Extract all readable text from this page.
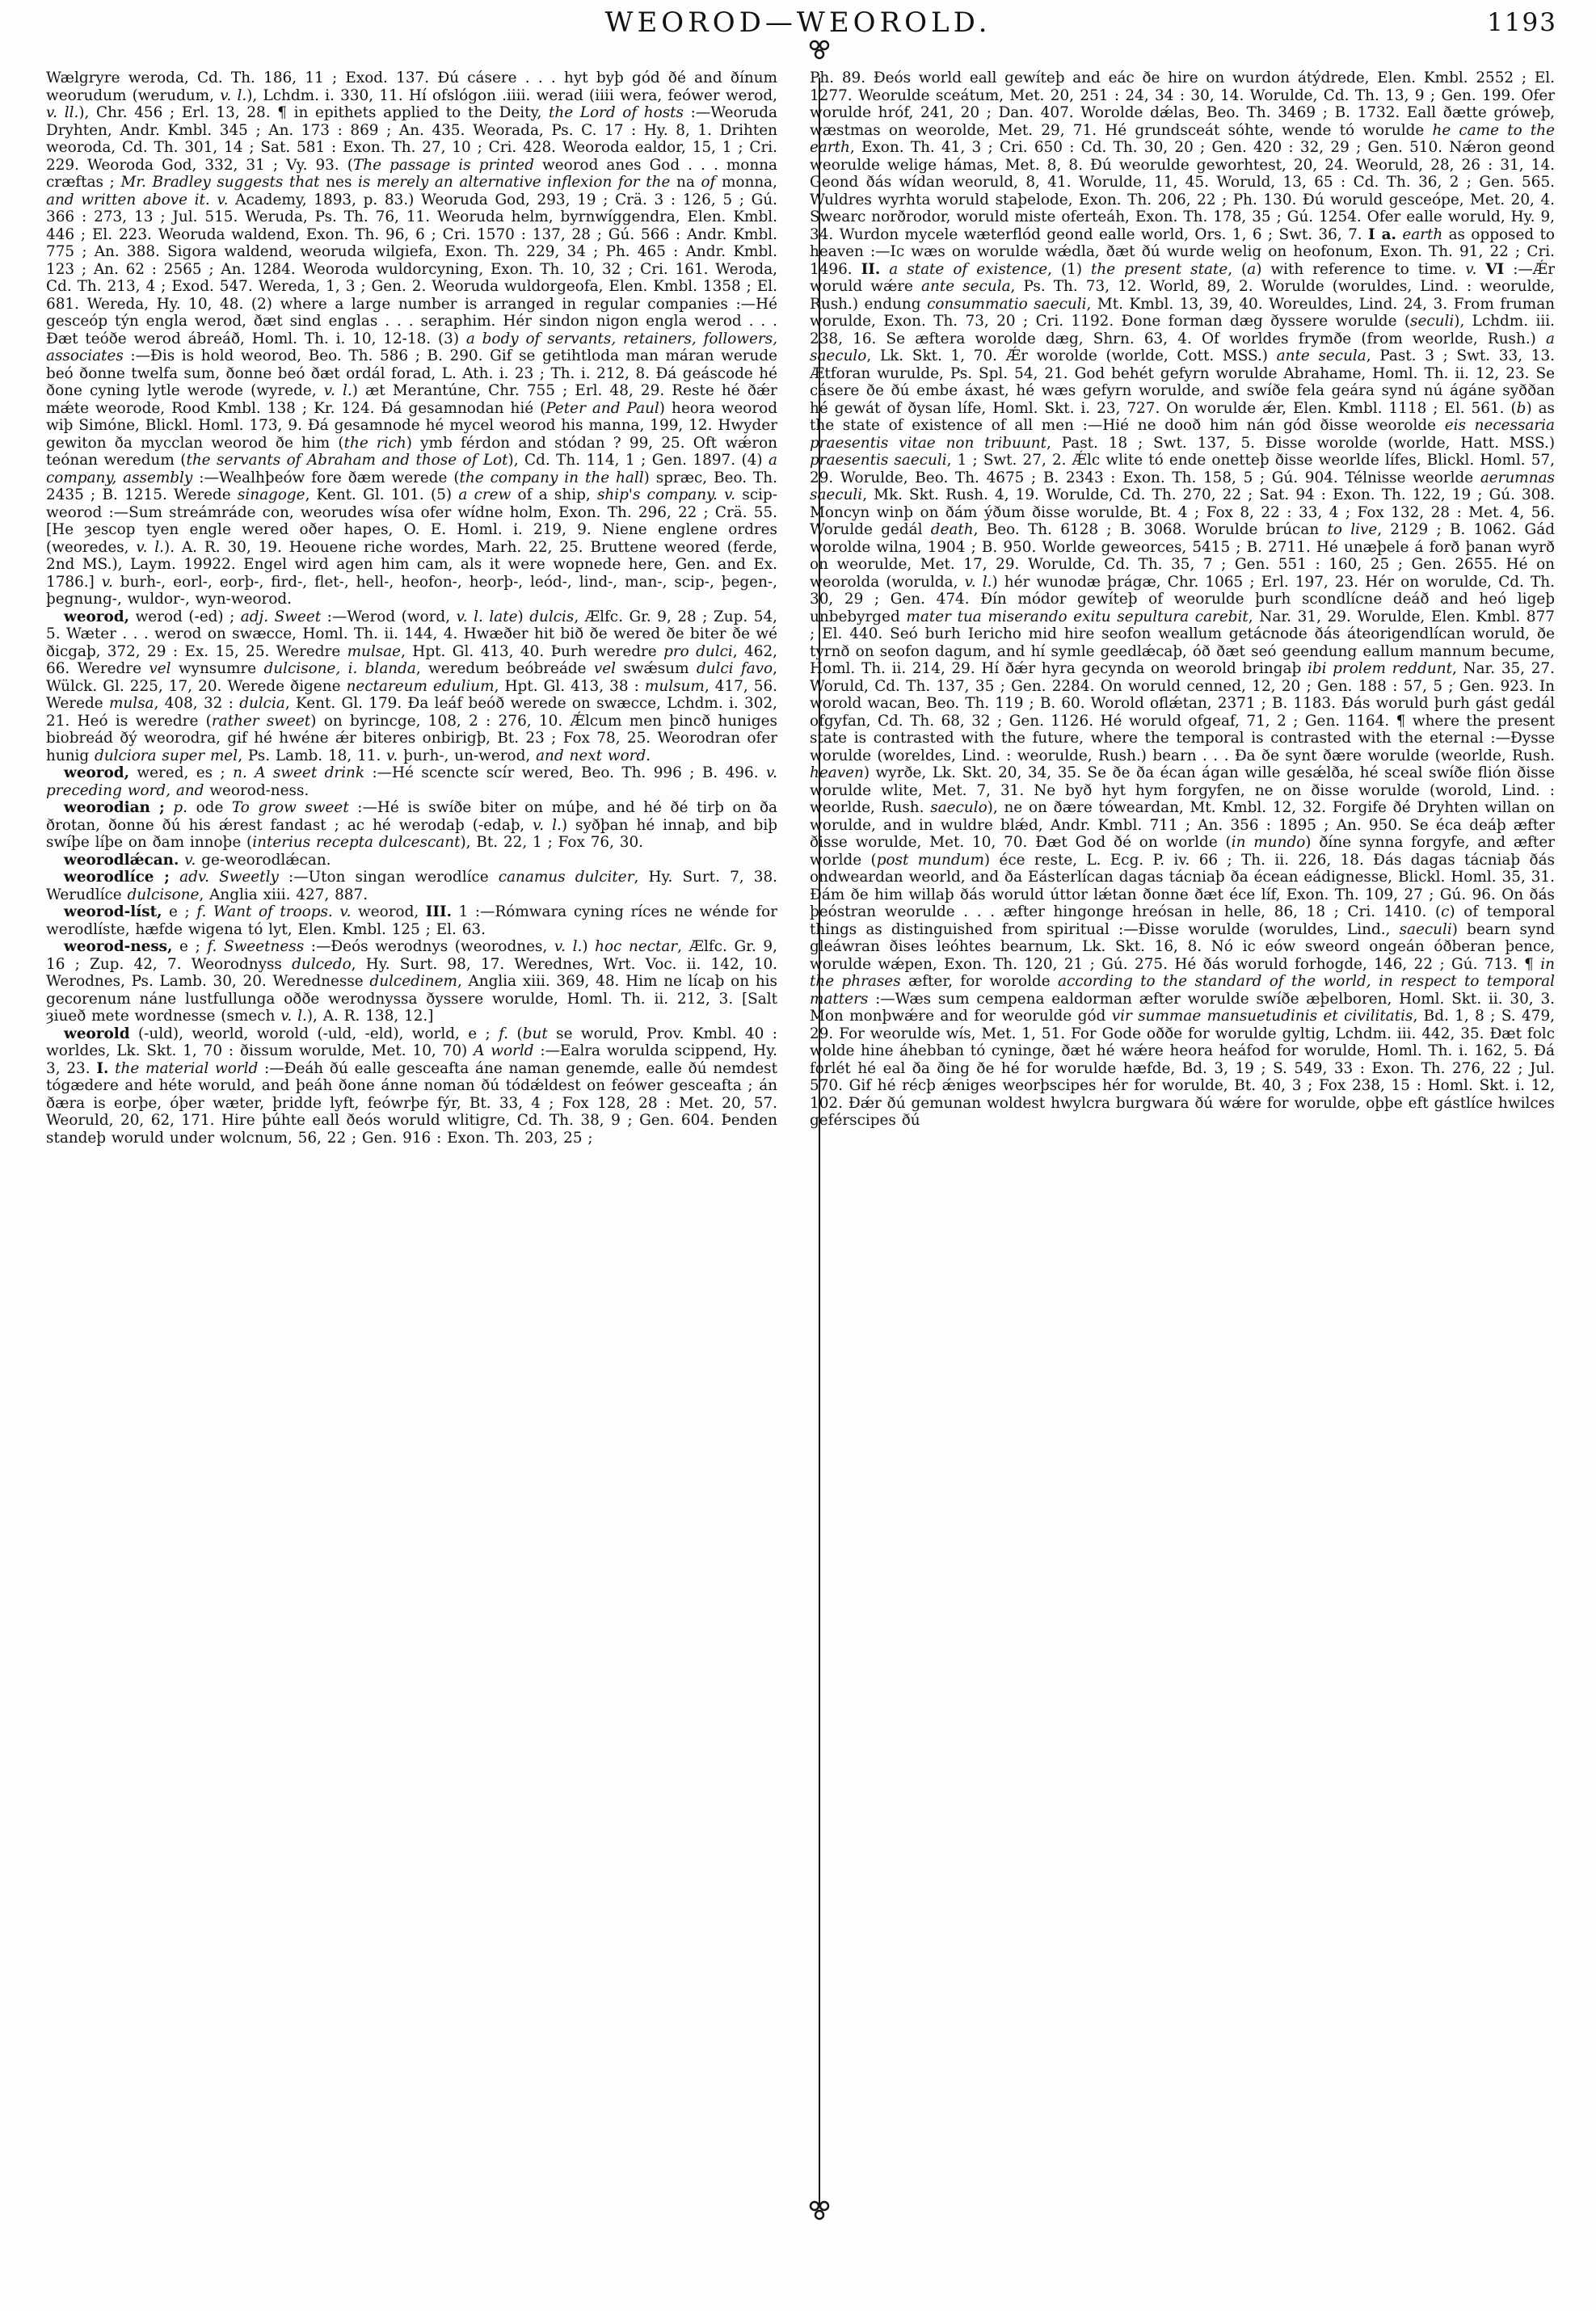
WEOROD—WEOROLD.	1193

Wælgryre weroda, Cd. Th. 186, 11 ; Exod. 137. Ðú cásere . . . hyt byþ gód ðé and ðínum weorudum (werudum, v. l.), Lchdm. i. 330, 11. Hí ofslógon .iiii. werad (iiii wera, feówer werod, v. ll.), Chr. 456 ; Erl. 13, 28. ¶ in epithets applied to the Deity, the Lord of hosts :—Weoruda Dryhten, Andr. Kmbl. 345 ; An. 173 : 869 ; An. 435. Weorada, Ps. C. 17 : Hy. 8, 1. Drihten weoroda, Cd. Th. 301, 14 ; Sat. 581 : Exon. Th. 27, 10 ; Cri. 428. Weoroda ealdor, 15, 1 ; Cri. 229. Weoroda God, 332, 31 ; Vy. 93. (The passage is printed weorod anes God . . . monna cræftas ; Mr. Bradley suggests that nes is merely an alternative inflexion for the na of monna, and written above it. v. Academy, 1893, p. 83.) Weoruda God, 293, 19 ; Crä. 3 : 126, 5 ; Gú. 366 : 273, 13 ; Jul. 515. Weruda, Ps. Th. 76, 11. Weoruda helm, byrnwíggendra, Elen. Kmbl. 446 ; El. 223. Weoruda waldend, Exon. Th. 96, 6 ; Cri. 1570 : 137, 28 ; Gú. 566 : Andr. Kmbl. 775 ; An. 388. Sigora waldend, weoruda wilgiefa, Exon. Th. 229, 34 ; Ph. 465 : Andr. Kmbl. 123 ; An. 62 : 2565 ; An. 1284. Weoroda wuldorcyning, Exon. Th. 10, 32 ; Cri. 161. Weroda, Cd. Th. 213, 4 ; Exod. 547. Wereda, 1, 3 ; Gen. 2. Weoruda wuldorgeofa, Elen. Kmbl. 1358 ; El. 681. Wereda, Hy. 10, 48. (2) where a large number is arranged in regular companies :—Hé gesceóp týn engla werod, ðæt sind englas . . . seraphim. Hér sindon nigon engla werod . . . Ðæt teóðe werod ábreáð, Homl. Th. i. 10, 12-18. (3) a body of servants, retainers, followers, associates :—Ðis is hold weorod, Beo. Th. 586 ; B. 290. Gif se getihtloda man máran werude beó ðonne twelfa sum, ðonne beó ðæt ordál forad, L. Ath. i. 23 ; Th. i. 212, 8. Ðá geáscode hé ðone cyning lytle werode (wyrede, v. l.) æt Merantúne, Chr. 755 ; Erl. 48, 29. Reste hé ðǽr mǽte weorode, Rood Kmbl. 138 ; Kr. 124. Ðá gesamnodan hié (Peter and Paul) heora weorod wiþ Simóne, Blickl. Homl. 173, 9. Ðá gesamnode hé mycel weorod his manna, 199, 12. Hwyder gewiton ða mycclan weorod ðe him (the rich) ymb férdon and stódan ? 99, 25. Oft wǽron teónan weredum (the servants of Abraham and those of Lot), Cd. Th. 114, 1 ; Gen. 1897. (4) a company, assembly :—Wealhþeów fore ðæm werede (the company in the hall) spræc, Beo. Th. 2435 ; B. 1215. Werede sinagoge, Kent. Gl. 101. (5) a crew of a ship, ship's company. v. scip-weorod :—Sum streámráde con, weorudes wísa ofer wídne holm, Exon. Th. 296, 22 ; Crä. 55. [He ȝescop tyen engle wered oðer hapes, O. E. Homl. i. 219, 9. Niene englene ordres (weoredes, v. l.). A. R. 30, 19. Heouene riche wordes, Marh. 22, 25. Bruttene weored (ferde, 2nd MS.), Laym. 19922. Engel wird agen him cam, als it were wopnede here, Gen. and Ex. 1786.] v. burh-, eorl-, eorþ-, fird-, flet-, hell-, heofon-, heorþ-, leód-, lind-, man-, scip-, þegen-, þegnung-, wuldor-, wyn-weorod.

weorod, werod (-ed) ; adj. Sweet :—Werod (word, v. l. late) dulcis, Ælfc. Gr. 9, 28 ; Zup. 54, 5. Wæter . . . werod on swæcce, Homl. Th. ii. 144, 4. Hwæðer hit bið ðe wered ðe biter ðe wé ðicgaþ, 372, 29 : Ex. 15, 25. Weredre mulsae, Hpt. Gl. 413, 40. Þurh weredre pro dulci, 462, 66. Weredre vel wynsumre dulcisone, i. blanda, weredum beóbreáde vel swǽsum dulci favo, Wülck. Gl. 225, 17, 20. Werede ðigene nectareum edulium, Hpt. Gl. 413, 38 : mulsum, 417, 56. Werede mulsa, 408, 32 : dulcia, Kent. Gl. 179. Ða leáf beóð werede on swæcce, Lchdm. i. 302, 21. Heó is weredre (rather sweet) on byrincge, 108, 2 : 276, 10. Ǽlcum men þincð huniges biobreád ðý weorodra, gif hé hwéne ǽr biteres onbirigþ, Bt. 23 ; Fox 78, 25. Weorodran ofer hunig dulciora super mel, Ps. Lamb. 18, 11. v. þurh-, un-werod, and next word.

weorod, wered, es ; n. A sweet drink :—Hé scencte scír wered, Beo. Th. 996 ; B. 496. v. preceding word, and weorod-ness.

weorodian ; p. ode To grow sweet :—Hé is swíðe biter on múþe, and hé ðé tirþ on ða ðrotan, ðonne ðú his ǽrest fandast ; ac hé werodaþ (-edaþ, v. l.) syðþan hé innaþ, and biþ swíþe líþe on ðam innoþe (interius recepta dulcescant), Bt. 22, 1 ; Fox 76, 30.

weorodlǽcan. v. ge-weorodlǽcan.

weorodlíce ; adv. Sweetly :—Uton singan werodlíce canamus dulciter, Hy. Surt. 7, 38. Werudlíce dulcisone, Anglia xiii. 427, 887.

weorod-líst, e ; f. Want of troops. v. weorod, III. 1 :—Rómwara cyning ríces ne wénde for werodlíste, hæfde wigena tó lyt, Elen. Kmbl. 125 ; El. 63.

weorod-ness, e ; f. Sweetness :—Ðeós werodnys (weorodnes, v. l.) hoc nectar, Ælfc. Gr. 9, 16 ; Zup. 42, 7. Weorodnyss dulcedo, Hy. Surt. 98, 17. Werednes, Wrt. Voc. ii. 142, 10. Werodnes, Ps. Lamb. 30, 20. Werednesse dulcedinem, Anglia xiii. 369, 48. Him ne lícaþ on his gecorenum náne lustfullunga oððe werodnyssa ðyssere worulde, Homl. Th. ii. 212, 3. [Salt ȝiueð mete wordnesse (smech v. l.), A. R. 138, 12.]

weorold (-uld), weorld, worold (-uld, -eld), world, e ; f. (but se woruld, Prov. Kmbl. 40 : worldes, Lk. Skt. 1, 70 : ðissum worulde, Met. 10, 70) A world :—Ealra worulda scippend, Hy. 3, 23. I. the material world :—Ðeáh ðú ealle gesceafta áne naman genemde, ealle ðú nemdest tógædere and héte woruld, and þeáh ðone ánne noman ðú tódǽldest on feówer gesceafta ; án ðæra is eorþe, óþer wæter, þridde lyft, feówrþe fýr, Bt. 33, 4 ; Fox 128, 28 : Met. 20, 57. Weoruld, 20, 62, 171. Hire þúhte eall ðeós woruld wlitigre, Cd. Th. 38, 9 ; Gen. 604. Þenden standeþ woruld under wolcnum, 56, 22 ; Gen. 916 : Exon. Th. 203, 25 ;

Ph. 89. Ðeós world eall gewíteþ and eác ðe hire on wurdon átýdrede, Elen. Kmbl. 2552 ; El. 1277. Weorulde sceátum, Met. 20, 251 : 24, 34 : 30, 14. Worulde, Cd. Th. 13, 9 ; Gen. 199. Ofer worulde hróf, 241, 20 ; Dan. 407. Worolde dǽlas, Beo. Th. 3469 ; B. 1732. Eall ðætte gróweþ, wæstmas on weorolde, Met. 29, 71. Hé grundsceát sóhte, wende tó worulde he came to the earth, Exon. Th. 41, 3 ; Cri. 650 : Cd. Th. 30, 20 ; Gen. 420 : 32, 29 ; Gen. 510. Nǽron geond weorulde welige hámas, Met. 8, 8. Ðú weorulde geworhtest, 20, 24. Weoruld, 28, 26 : 31, 14. Geond ðás wídan weoruld, 8, 41. Worulde, 11, 45. Woruld, 13, 65 : Cd. Th. 36, 2 ; Gen. 565. Wuldres wyrhta woruld staþelode, Exon. Th. 206, 22 ; Ph. 130. Ðú woruld gesceópe, Met. 20, 4. Swearc norðrodor, woruld miste oferteáh, Exon. Th. 178, 35 ; Gú. 1254. Ofer ealle woruld, Hy. 9, 34. Wurdon mycele wæterflód geond ealle world, Ors. 1, 6 ; Swt. 36, 7. I a. earth as opposed to heaven :—Ic wæs on worulde wǽdla, ðæt ðú wurde welig on heofonum, Exon. Th. 91, 22 ; Cri. 1496. II. a state of existence, (1) the present state, (a) with reference to time. v. VI :—Ǽr woruld wǽre ante secula, Ps. Th. 73, 12. World, 89, 2. Worulde (woruldes, Lind. : weorulde, Rush.) endung consummatio saeculi, Mt. Kmbl. 13, 39, 40. Woreuldes, Lind. 24, 3. From fruman worulde, Exon. Th. 73, 20 ; Cri. 1192. Ðone forman dæg ðyssere worulde (seculi), Lchdm. iii. 238, 16. Se æftera worolde dæg, Shrn. 63, 4. Of worldes frymðe (from weorlde, Rush.) a saeculo, Lk. Skt. 1, 70. Ǽr worolde (worlde, Cott. MSS.) ante secula, Past. 3 ; Swt. 33, 13. Ætforan wurulde, Ps. Spl. 54, 21. God behét gefyrn worulde Abrahame, Homl. Th. ii. 12, 23. Se cásere ðe ðú embe áxast, hé wæs gefyrn worulde, and swíðe fela geára synd nú ágáne syððan hé gewát of ðysan lífe, Homl. Skt. i. 23, 727. On worulde ǽr, Elen. Kmbl. 1118 ; El. 561. (b) as the state of existence of all men :—Hié ne dooð him nán gód ðisse weorolde eis necessaria praesentis vitae non tribuunt, Past. 18 ; Swt. 137, 5. Ðisse worolde (worlde, Hatt. MSS.) praesentis saeculi, 1 ; Swt. 27, 2. Ǽlc wlite tó ende onetteþ ðisse weorlde lífes, Blickl. Homl. 57, 29. Worulde, Beo. Th. 4675 ; B. 2343 : Exon. Th. 158, 5 ; Gú. 904. Télnisse weorlde aerumnas saeculi, Mk. Skt. Rush. 4, 19. Worulde, Cd. Th. 270, 22 ; Sat. 94 : Exon. Th. 122, 19 ; Gú. 308. Moncyn winþ on ðám ýðum ðisse worulde, Bt. 4 ; Fox 8, 22 : 33, 4 ; Fox 132, 28 : Met. 4, 56. Worulde gedál death, Beo. Th. 6128 ; B. 3068. Worulde brúcan to live, 2129 ; B. 1062. Gád worolde wilna, 1904 ; B. 950. Worlde geweorces, 5415 ; B. 2711. Hé unæþele á forð þanan wyrð on weorulde, Met. 17, 29. Worulde, Cd. Th. 35, 7 ; Gen. 551 : 160, 25 ; Gen. 2655. Hé on weorolda (worulda, v. l.) hér wunodæ þrágæ, Chr. 1065 ; Erl. 197, 23. Hér on worulde, Cd. Th. 30, 29 ; Gen. 474. Ðín módor gewíteþ of weorulde þurh scondlícne deáð and heó ligeþ unbebyrged mater tua miserando exitu sepultura carebit, Nar. 31, 29. Worulde, Elen. Kmbl. 877 ; El. 440. Seó burh Iericho mid hire seofon weallum getácnode ðás áteorigendlícan woruld, ðe tyrnð on seofon dagum, and hí symle geedlǽcaþ, óð ðæt seó geendung eallum mannum becume, Homl. Th. ii. 214, 29. Hí ðǽr hyra gecynda on weorold bringaþ ibi prolem reddunt, Nar. 35, 27. Woruld, Cd. Th. 137, 35 ; Gen. 2284. On woruld cenned, 12, 20 ; Gen. 188 : 57, 5 ; Gen. 923. In worold wacan, Beo. Th. 119 ; B. 60. Worold oflǽtan, 2371 ; B. 1183. Ðás woruld þurh gást gedál ofgyfan, Cd. Th. 68, 32 ; Gen. 1126. Hé woruld ofgeaf, 71, 2 ; Gen. 1164. ¶ where the present state is contrasted with the future, where the temporal is contrasted with the eternal :—Ðysse worulde (woreldes, Lind. : weorulde, Rush.) bearn . . . Ða ðe synt ðære worulde (weorlde, Rush. heaven) wyrðe, Lk. Skt. 20, 34, 35. Se ðe ða écan ágan wille gesǽlða, hé sceal swíðe flión ðisse worulde wlite, Met. 7, 31. Ne byð hyt hym forgyfen, ne on ðisse worulde (worold, Lind. : weorlde, Rush. saeculo), ne on ðære tóweardan, Mt. Kmbl. 12, 32. Forgife ðé Dryhten willan on worulde, and in wuldre blǽd, Andr. Kmbl. 711 ; An. 356 : 1895 ; An. 950. Se éca deáþ æfter ðisse worulde, Met. 10, 70. Ðæt God ðé on worlde (in mundo) ðíne synna forgyfe, and æfter worlde (post mundum) éce reste, L. Ecg. P. iv. 66 ; Th. ii. 226, 18. Ðás dagas tácniaþ ðás ondweardan weorld, and ða Eásterlícan dagas tácniaþ ða écean eádignesse, Blickl. Homl. 35, 31. Ðám ðe him willaþ ðás woruld úttor lǽtan ðonne ðæt éce líf, Exon. Th. 109, 27 ; Gú. 96. On ðás þeóstran weorulde . . . æfter hingonge hreósan in helle, 86, 18 ; Cri. 1410. (c) of temporal things as distinguished from spiritual :—Ðisse worulde (woruldes, Lind., saeculi) bearn synd gleáwran ðises leóhtes bearnum, Lk. Skt. 16, 8. Nó ic eów sweord ongeán óðberan þence, worulde wǽpen, Exon. Th. 120, 21 ; Gú. 275. Hé ðás woruld forhogde, 146, 22 ; Gú. 713. ¶ in the phrases æfter, for worolde according to the standard of the world, in respect to temporal matters :—Wæs sum cempena ealdorman æfter worulde swíðe æþelboren, Homl. Skt. ii. 30, 3. Mon monþwǽre and for weorulde gód vir summae mansuetudinis et civilitatis, Bd. 1, 8 ; S. 479, 29. For weorulde wís, Met. 1, 51. For Gode oððe for worulde gyltig, Lchdm. iii. 442, 35. Ðæt folc wolde hine áhebban tó cyninge, ðæt hé wǽre heora heáfod for worulde, Homl. Th. i. 162, 5. Ðá forlét hé eal ða ðing ðe hé for worulde hæfde, Bd. 3, 19 ; S. 549, 33 : Exon. Th. 276, 22 ; Jul. 570. Gif hé récþ ǽniges weorþscipes hér for worulde, Bt. 40, 3 ; Fox 238, 15 : Homl. Skt. i. 12, 102. Ðǽr ðú gemunan woldest hwylcra burgwara ðú wǽre for worulde, oþþe eft gástlíce hwilces geférscipes ðú
